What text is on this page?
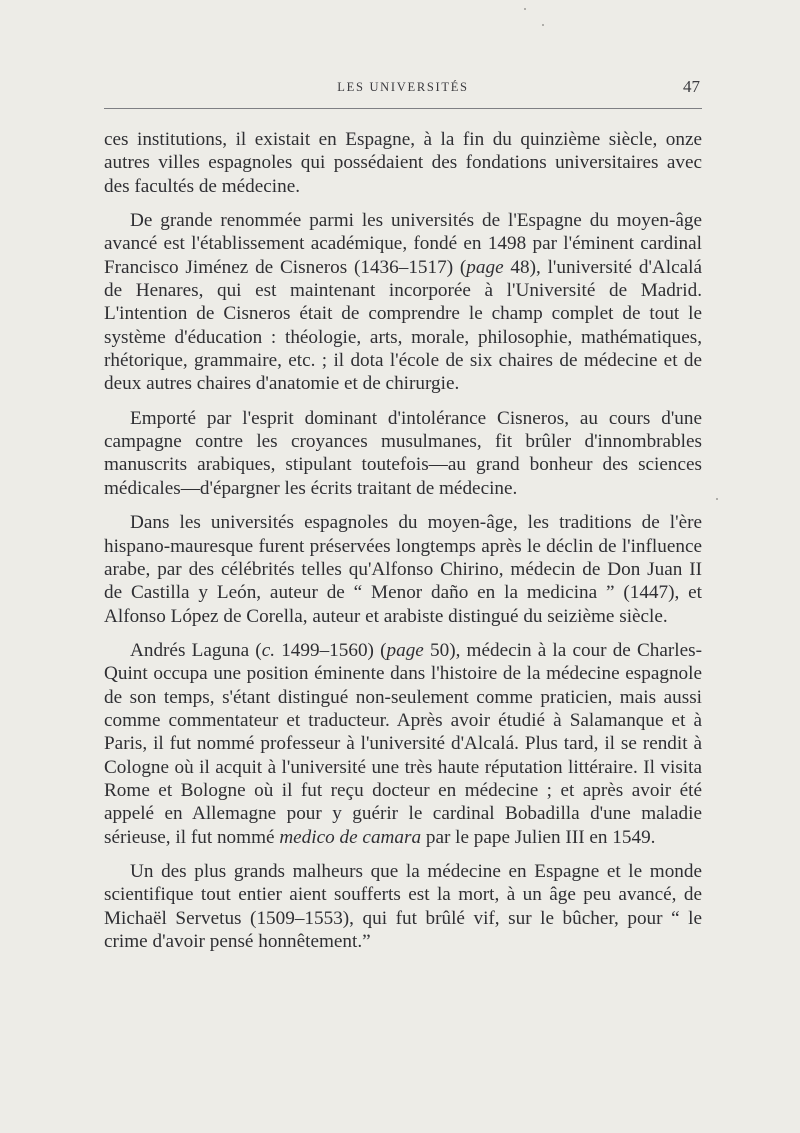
LES UNIVERSITÉS	47

ces institutions, il existait en Espagne, à la fin du quinzième siècle, onze autres villes espagnoles qui possédaient des fondations universitaires avec des facultés de médecine.

De grande renommée parmi les universités de l'Espagne du moyen-âge avancé est l'établissement académique, fondé en 1498 par l'éminent cardinal Francisco Jiménez de Cisneros (1436–1517) (page 48), l'université d'Alcalá de Henares, qui est maintenant incorporée à l'Université de Madrid. L'intention de Cisneros était de comprendre le champ complet de tout le système d'éducation : théologie, arts, morale, philosophie, mathématiques, rhétorique, grammaire, etc. ; il dota l'école de six chaires de médecine et de deux autres chaires d'anatomie et de chirurgie.

Emporté par l'esprit dominant d'intolérance Cisneros, au cours d'une campagne contre les croyances musulmanes, fit brûler d'innombrables manuscrits arabiques, stipulant toutefois—au grand bonheur des sciences médicales—d'épargner les écrits traitant de médecine.

Dans les universités espagnoles du moyen-âge, les traditions de l'ère hispano-mauresque furent préservées longtemps après le déclin de l'influence arabe, par des célébrités telles qu'Alfonso Chirino, médecin de Don Juan II de Castilla y León, auteur de “ Menor daño en la medicina ” (1447), et Alfonso López de Corella, auteur et arabiste distingué du seizième siècle.

Andrés Laguna (c. 1499–1560) (page 50), médecin à la cour de Charles-Quint occupa une position éminente dans l'histoire de la médecine espagnole de son temps, s'étant distingué non-seulement comme praticien, mais aussi comme commentateur et traducteur. Après avoir étudié à Salamanque et à Paris, il fut nommé professeur à l'université d'Alcalá. Plus tard, il se rendit à Cologne où il acquit à l'université une très haute réputation littéraire. Il visita Rome et Bologne où il fut reçu docteur en médecine ; et après avoir été appelé en Allemagne pour y guérir le cardinal Bobadilla d'une maladie sérieuse, il fut nommé medico de camara par le pape Julien III en 1549.

Un des plus grands malheurs que la médecine en Espagne et le monde scientifique tout entier aient soufferts est la mort, à un âge peu avancé, de Michaël Servetus (1509–1553), qui fut brûlé vif, sur le bûcher, pour “ le crime d'avoir pensé honnêtement.”
